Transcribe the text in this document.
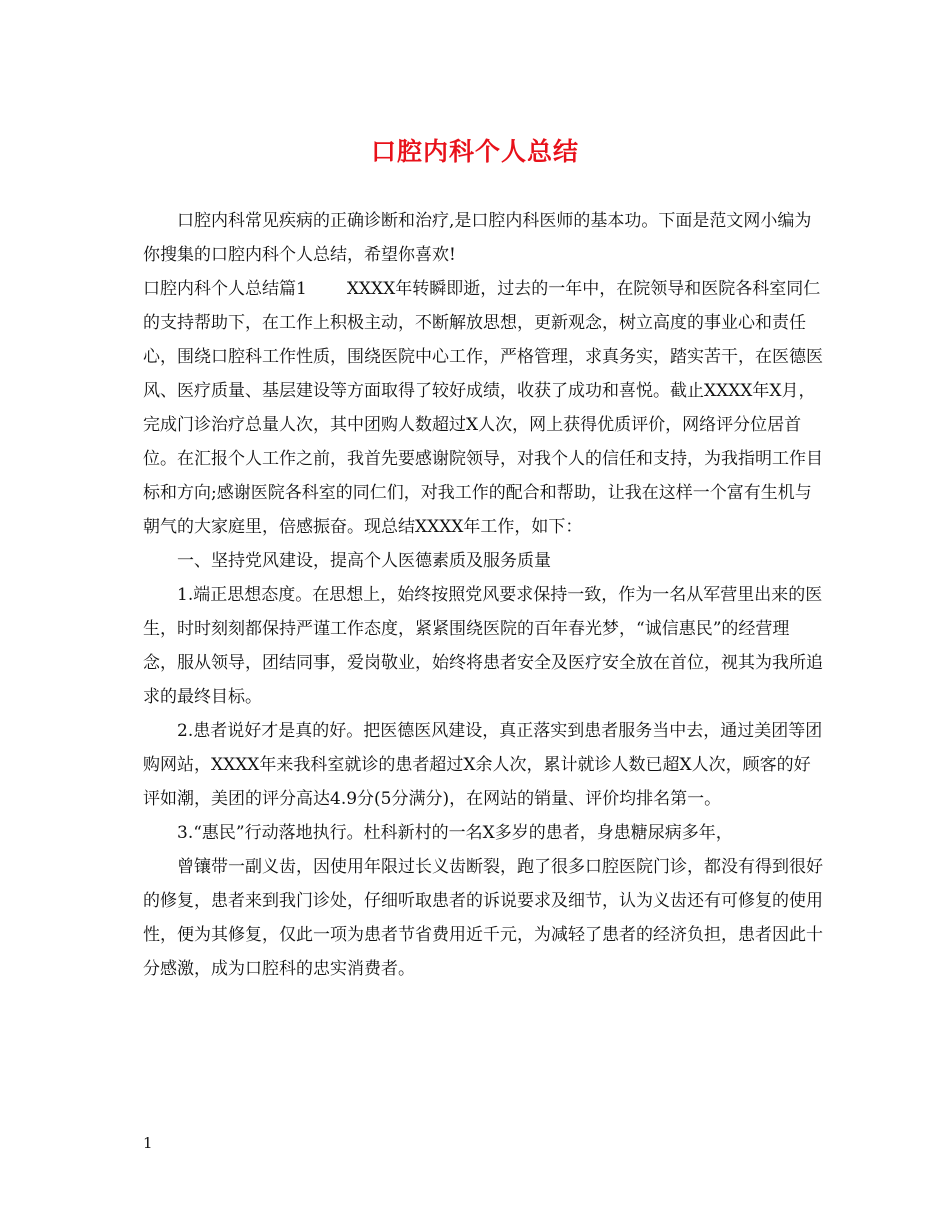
口腔内科个人总结

口腔内科常见疾病的正确诊断和治疗,是口腔内科医师的基本功。下面是范文网小编为你搜集的口腔内科个人总结，希望你喜欢!

口腔内科个人总结篇1 XXXX年转瞬即逝，过去的一年中，在院领导和医院各科室同仁的支持帮助下，在工作上积极主动，不断解放思想，更新观念，树立高度的事业心和责任心，围绕口腔科工作性质，围绕医院中心工作，严格管理，求真务实，踏实苦干，在医德医风、医疗质量、基层建设等方面取得了较好成绩，收获了成功和喜悦。截止XXXX年X月，完成门诊治疗总量人次，其中团购人数超过X人次，网上获得优质评价，网络评分位居首位。在汇报个人工作之前，我首先要感谢院领导，对我个人的信任和支持，为我指明工作目标和方向;感谢医院各科室的同仁们，对我工作的配合和帮助，让我在这样一个富有生机与朝气的大家庭里，倍感振奋。现总结XXXX年工作，如下：

一、坚持党风建设，提高个人医德素质及服务质量

1.端正思想态度。在思想上，始终按照党风要求保持一致，作为一名从军营里出来的医生，时时刻刻都保持严谨工作态度，紧紧围绕医院的百年春光梦，“诚信惠民”的经营理念，服从领导，团结同事，爱岗敬业，始终将患者安全及医疗安全放在首位，视其为我所追求的最终目标。

2.患者说好才是真的好。把医德医风建设，真正落实到患者服务当中去，通过美团等团购网站，XXXX年来我科室就诊的患者超过X余人次，累计就诊人数已超X人次，顾客的好评如潮，美团的评分高达4.9分(5分满分)，在网站的销量、评价均排名第一。

3.“惠民”行动落地执行。杜科新村的一名X多岁的患者，身患糖尿病多年，

曾镶带一副义齿，因使用年限过长义齿断裂，跑了很多口腔医院门诊，都没有得到很好的修复，患者来到我门诊处，仔细听取患者的诉说要求及细节，认为义齿还有可修复的使用性，便为其修复，仅此一项为患者节省费用近千元，为减轻了患者的经济负担，患者因此十分感激，成为口腔科的忠实消费者。

1
